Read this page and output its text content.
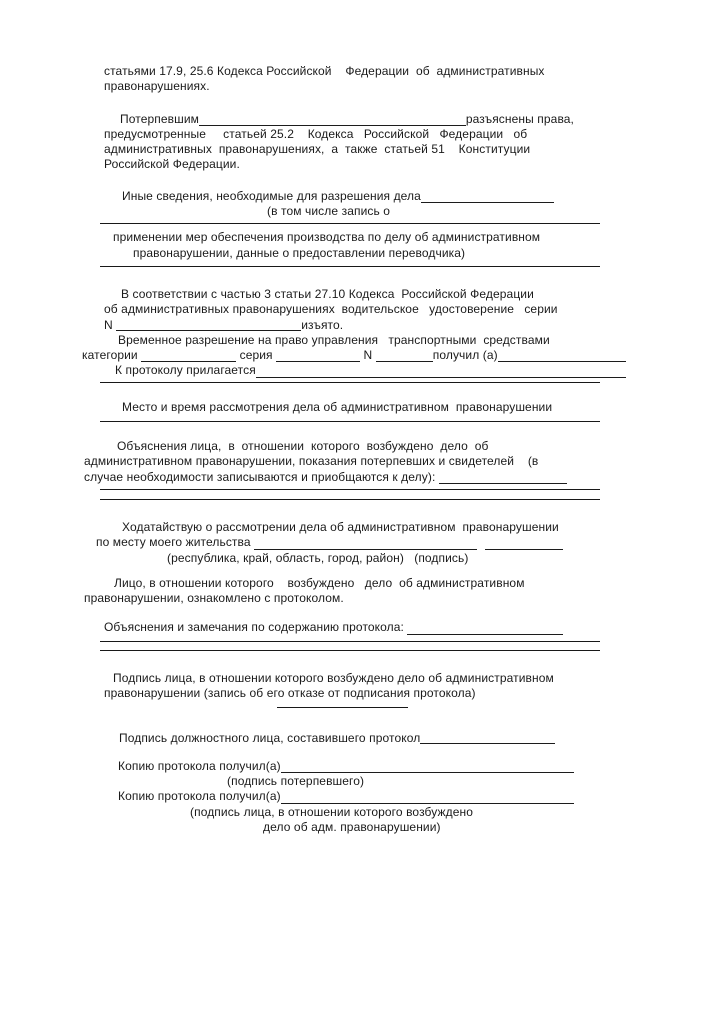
статьями 17.9, 25.6 Кодекса Российской    Федерации  об  административных
правонарушениях.
Потерпевшим	разъяснены права,
предусмотренные     статьей 25.2    Кодекса   Российской   Федерации   об
административных  правонарушениях,  а  также  статьей 51    Конституции
Российской Федерации.
Иные сведения, необходимые для разрешения дела
(в том числе запись о
применении мер обеспечения производства по делу об административном
правонарушении, данные о предоставлении переводчика)
В соответствии с частью 3 статьи 27.10 Кодекса  Российской Федерации
об административных правонарушениях  водительское   удостоверение   серии
N	изъято.
Временное разрешение на право управления   транспортными  средствами
категории	серия	N	получил (а)
К протоколу прилагается
Место и время рассмотрения дела об административном  правонарушении
Объяснения лица,  в  отношении  которого  возбуждено  дело  об
административном правонарушении, показания потерпевших и свидетелей    (в
случае необходимости записываются и приобщаются к делу):
Ходатайствую о рассмотрении дела об административном  правонарушении
по месту моего жительства
(республика, край, область, город, район)   (подпись)
Лицо, в отношении которого    возбуждено   дело  об административном
правонарушении, ознакомлено с протоколом.
Объяснения и замечания по содержанию протокола:
Подпись лица, в отношении которого возбуждено дело об административном
правонарушении (запись об его отказе от подписания протокола)
Подпись должностного лица, составившего протокол
Копию протокола получил(а)
(подпись потерпевшего)
Копию протокола получил(а)
(подпись лица, в отношении которого возбуждено
дело об адм. правонарушении)
